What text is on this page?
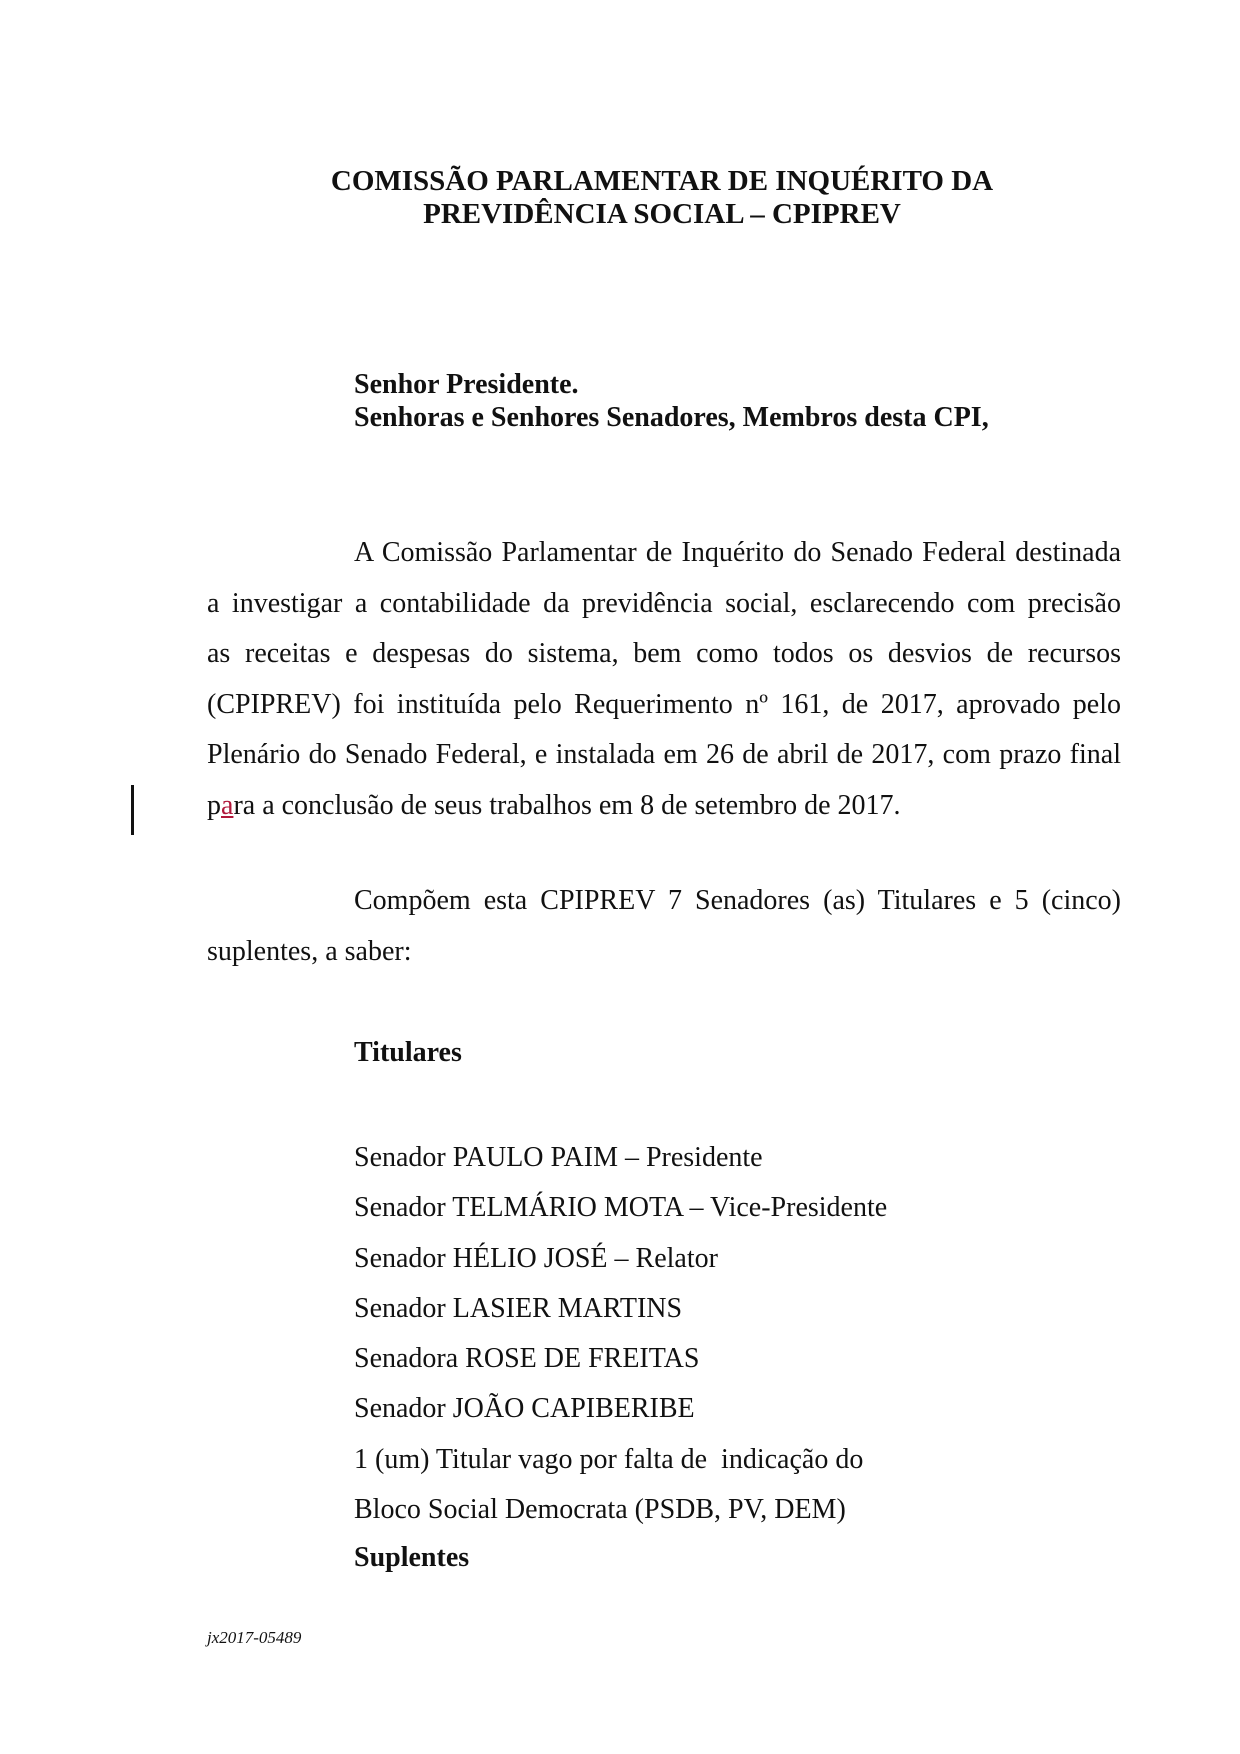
COMISSÃO PARLAMENTAR DE INQUÉRITO DA
PREVIDÊNCIA SOCIAL – CPIPREV
Senhor Presidente.
Senhoras e Senhores Senadores, Membros desta CPI,
A Comissão Parlamentar de Inquérito do Senado Federal destinada
a investigar a contabilidade da previdência social, esclarecendo com precisão
as receitas e despesas do sistema, bem como todos os desvios de recursos
(CPIPREV) foi instituída pelo Requerimento nº 161, de 2017, aprovado pelo
Plenário do Senado Federal, e instalada em 26 de abril de 2017, com prazo final
para a conclusão de seus trabalhos em 8 de setembro de 2017.
Compõem esta CPIPREV 7 Senadores (as) Titulares e 5 (cinco)
suplentes, a saber:
Titulares
Senador PAULO PAIM – Presidente
Senador TELMÁRIO MOTA – Vice-Presidente
Senador HÉLIO JOSÉ – Relator
Senador LASIER MARTINS
Senadora ROSE DE FREITAS
Senador JOÃO CAPIBERIBE
1 (um) Titular vago por falta de  indicação do
Bloco Social Democrata (PSDB, PV, DEM)
Suplentes
jx2017-05489
